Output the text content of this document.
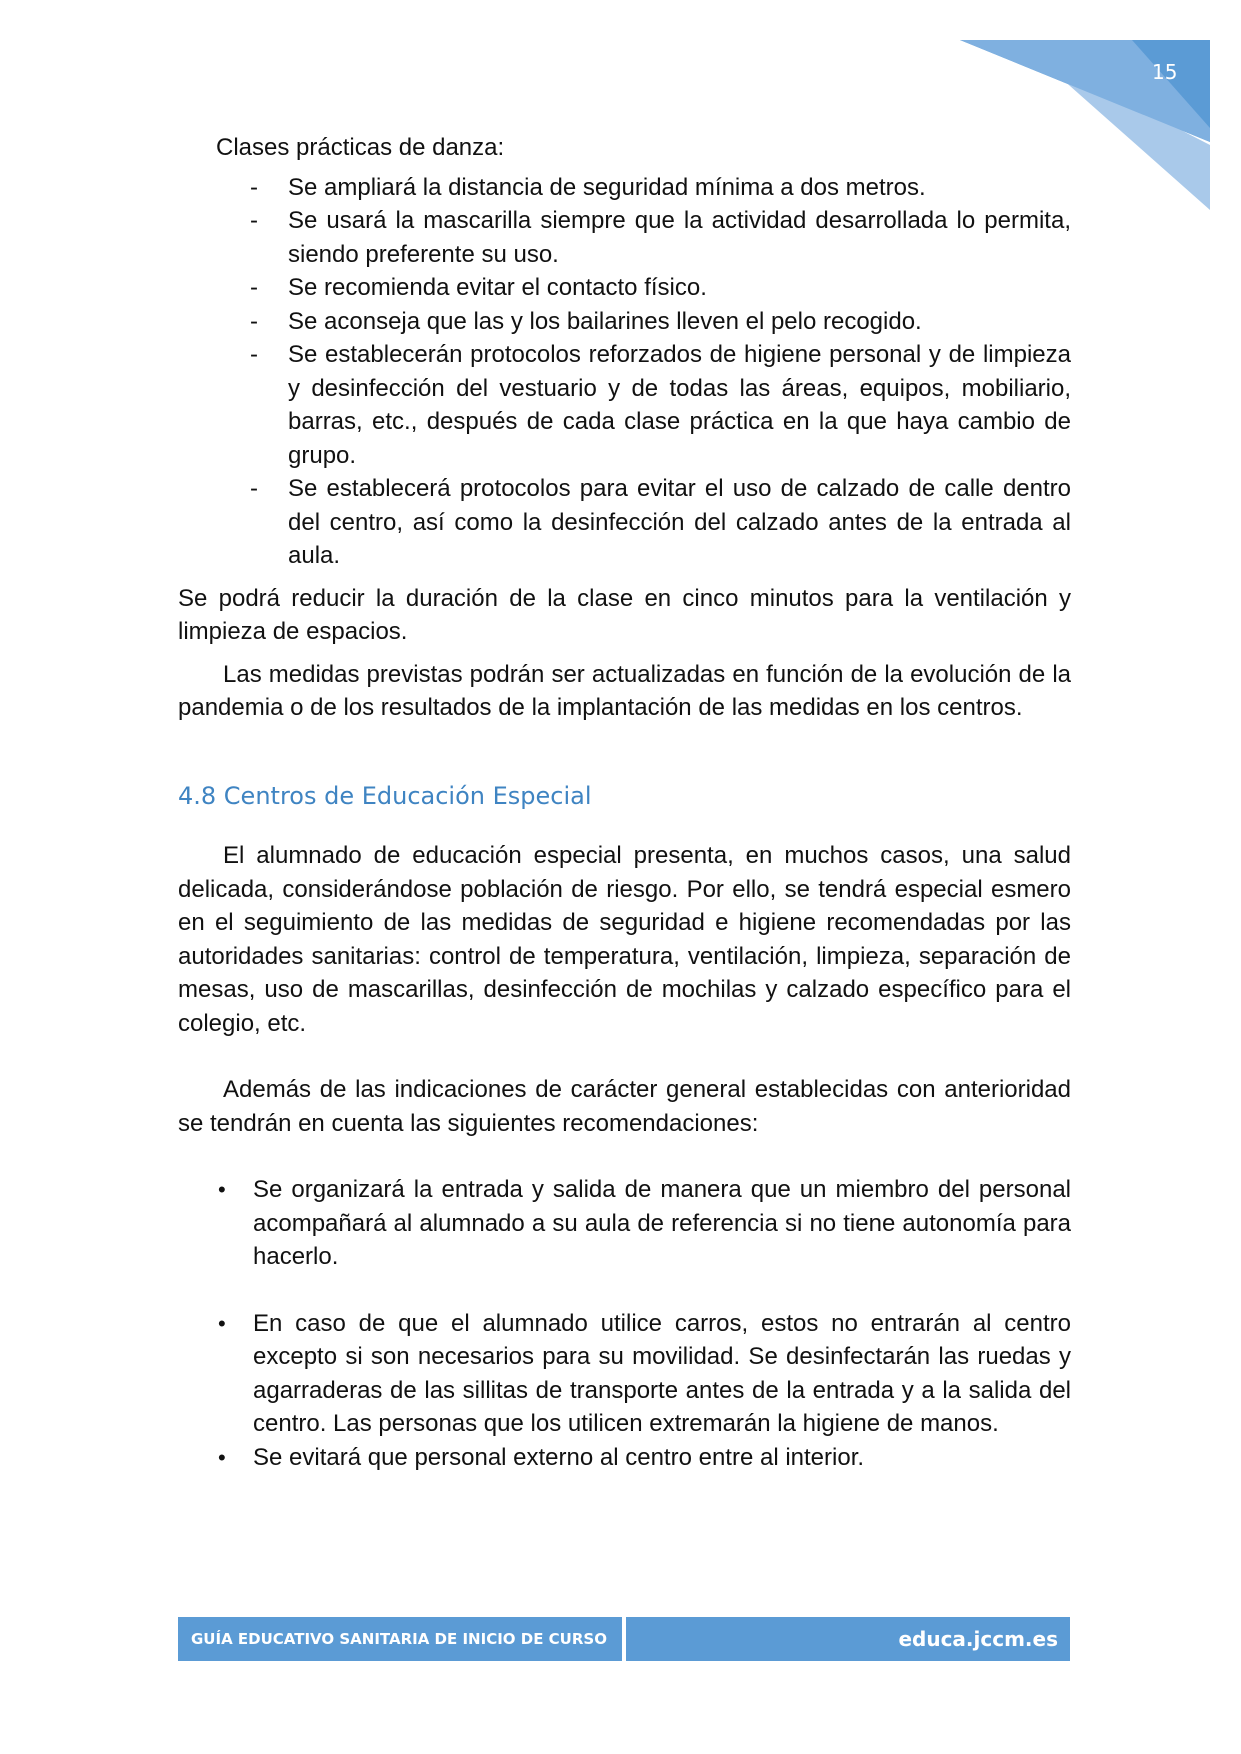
15

Clases prácticas de danza:

- Se ampliará la distancia de seguridad mínima a dos metros.
- Se usará la mascarilla siempre que la actividad desarrollada lo permita, siendo preferente su uso.
- Se recomienda evitar el contacto físico.
- Se aconseja que las y los bailarines lleven el pelo recogido.
- Se establecerán protocolos reforzados de higiene personal y de limpieza y desinfección del vestuario y de todas las áreas, equipos, mobiliario, barras, etc., después de cada clase práctica en la que haya cambio de grupo.
- Se establecerá protocolos para evitar el uso de calzado de calle dentro del centro, así como la desinfección del calzado antes de la entrada al aula.

Se podrá reducir la duración de la clase en cinco minutos para la ventilación y limpieza de espacios.

Las medidas previstas podrán ser actualizadas en función de la evolución de la pandemia o de los resultados de la implantación de las medidas en los centros.

4.8 Centros de Educación Especial

El alumnado de educación especial presenta, en muchos casos, una salud delicada, considerándose población de riesgo. Por ello, se tendrá especial esmero en el seguimiento de las medidas de seguridad e higiene recomendadas por las autoridades sanitarias: control de temperatura, ventilación, limpieza, separación de mesas, uso de mascarillas, desinfección de mochilas y calzado específico para el colegio, etc.

Además de las indicaciones de carácter general establecidas con anterioridad se tendrán en cuenta las siguientes recomendaciones:

• Se organizará la entrada y salida de manera que un miembro del personal acompañará al alumnado a su aula de referencia si no tiene autonomía para hacerlo.
• En caso de que el alumnado utilice carros, estos no entrarán al centro excepto si son necesarios para su movilidad. Se desinfectarán las ruedas y agarraderas de las sillitas de transporte antes de la entrada y a la salida del centro. Las personas que los utilicen extremarán la higiene de manos.
• Se evitará que personal externo al centro entre al interior.
GUÍA EDUCATIVO SANITARIA DE INICIO DE CURSO	educa.jccm.es
